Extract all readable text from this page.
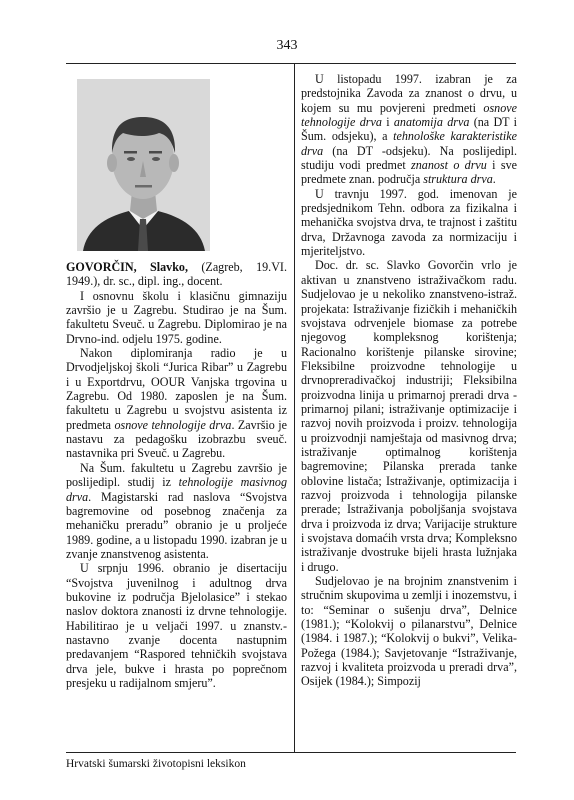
343

GOVORČIN, Slavko, (Zagreb, 19.VI. 1949.), dr. sc., dipl. ing., docent.

I osnovnu školu i klasičnu gimnaziju završio je u Zagrebu. Studirao je na Šum. fakultetu Sveuč. u Zagrebu. Diplomirao je na Drvno-ind. odjelu 1975. godine.

Nakon diplomiranja radio je u Drvodjeljskoj školi “Jurica Ribar” u Zagrebu i u Exportdrvu, OOUR Vanjska trgovina u Zagrebu. Od 1980. zaposlen je na Šum. fakultetu u Zagrebu u svojstvu asistenta iz predmeta osnove tehnologije drva. Završio je nastavu za pedagošku izobrazbu sveuč. nastavnika pri Sveuč. u Zagrebu.

Na Šum. fakultetu u Zagrebu završio je poslijedipl. studij iz tehnologije masivnog drva. Magistarski rad naslova “Svojstva bagremovine od posebnog značenja za mehaničku preradu” obranio je u proljeće 1989. godine, a u listopadu 1990. izabran je u zvanje znanstvenog asistenta.

U srpnju 1996. obranio je disertaciju “Svojstva juvenilnog i adultnog drva bukovine iz područja Bjelolasice” i stekao naslov doktora znanosti iz drvne tehnologije. Habilitirao je u veljači 1997. u znanstv.-nastavno zvanje docenta nastupnim predavanjem “Raspored tehničkih svojstava drva jele, bukve i hrasta po poprečnom presjeku u radijalnom smjeru”.

U listopadu 1997. izabran je za predstojnika Zavoda za znanost o drvu, u kojem su mu povjereni predmeti osnove tehnologije drva i anatomija drva (na DT i Šum. odsjeku), a tehnološke karakteristike drva (na DT -odsjeku). Na poslijedipl. studiju vodi predmet znanost o drvu i sve predmete znan. područja struktura drva.

U travnju 1997. god. imenovan je predsjednikom Tehn. odbora za fizikalna i mehanička svojstva drva, te trajnost i zaštitu drva, Državnoga zavoda za normizaciju i mjeriteljstvo.

Doc. dr. sc. Slavko Govorčin vrlo je aktivan u znanstveno istraživačkom radu. Sudjelovao je u nekoliko znanstveno-istraž. projekata: Istraživanje fizičkih i mehaničkih svojstava odrvenjele biomase za potrebe njegovog kompleksnog korištenja; Racionalno korištenje pilanske sirovine; Fleksibilne proizvodne tehnologije u drvnopreradivačkoj industriji; Fleksibilna proizvodna linija u primarnoj preradi drva - primarnoj pilani; istraživanje optimizacije i razvoj novih proizvoda i proizv. tehnologija u proizvodnji namještaja od masivnog drva; istraživanje optimalnog korištenja bagremovine; Pilanska prerada tanke oblovine listača; Istraživanje, optimizacija i razvoj proizvoda i tehnologija pilanske prerade; Istraživanja poboljšanja svojstava drva i proizvoda iz drva; Varijacije strukture i svojstava domaćih vrsta drva; Kompleksno istraživanje dvostruke bijeli hrasta lužnjaka i drugo.

Sudjelovao je na brojnim znanstvenim i stručnim skupovima u zemlji i inozemstvu, i to: “Seminar o sušenju drva”, Delnice (1981.); “Kolokvij o pilanarstvu”, Delnice (1984. i 1987.); “Kolokvij o bukvi”, Velika-Požega (1984.); Savjetovanje “Istraživanje, razvoj i kvaliteta proizvoda u preradi drva”, Osijek (1984.); Simpozij

Hrvatski šumarski životopisni leksikon
